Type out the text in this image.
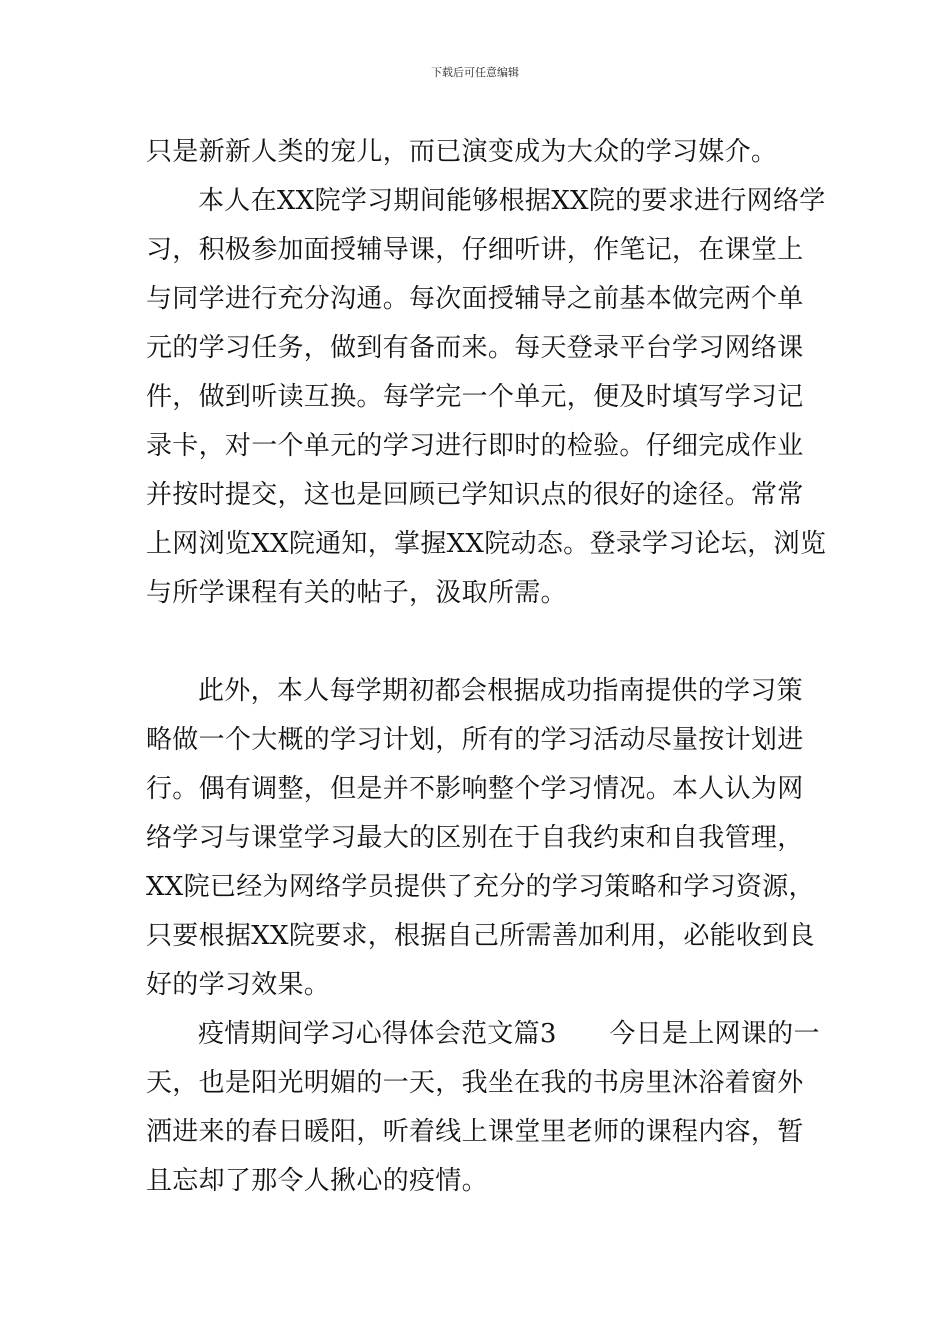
下载后可任意编辑
只是新新人类的宠儿，而已演变成为大众的学习媒介。
本人在XX院学习期间能够根据XX院的要求进行网络学
习，积极参加面授辅导课，仔细听讲，作笔记，在课堂上
与同学进行充分沟通。每次面授辅导之前基本做完两个单
元的学习任务，做到有备而来。每天登录平台学习网络课
件，做到听读互换。每学完一个单元，便及时填写学习记
录卡，对一个单元的学习进行即时的检验。仔细完成作业
并按时提交，这也是回顾已学知识点的很好的途径。常常
上网浏览XX院通知，掌握XX院动态。登录学习论坛，浏览
与所学课程有关的帖子，汲取所需。
此外，本人每学期初都会根据成功指南提供的学习策
略做一个大概的学习计划，所有的学习活动尽量按计划进
行。偶有调整，但是并不影响整个学习情况。本人认为网
络学习与课堂学习最大的区别在于自我约束和自我管理，
XX院已经为网络学员提供了充分的学习策略和学习资源，
只要根据XX院要求，根据自己所需善加利用，必能收到良
好的学习效果。
疫情期间学习心得体会范文篇3　　今日是上网课的一
天，也是阳光明媚的一天，我坐在我的书房里沐浴着窗外
洒进来的春日暖阳，听着线上课堂里老师的课程内容，暂
且忘却了那令人揪心的疫情。
